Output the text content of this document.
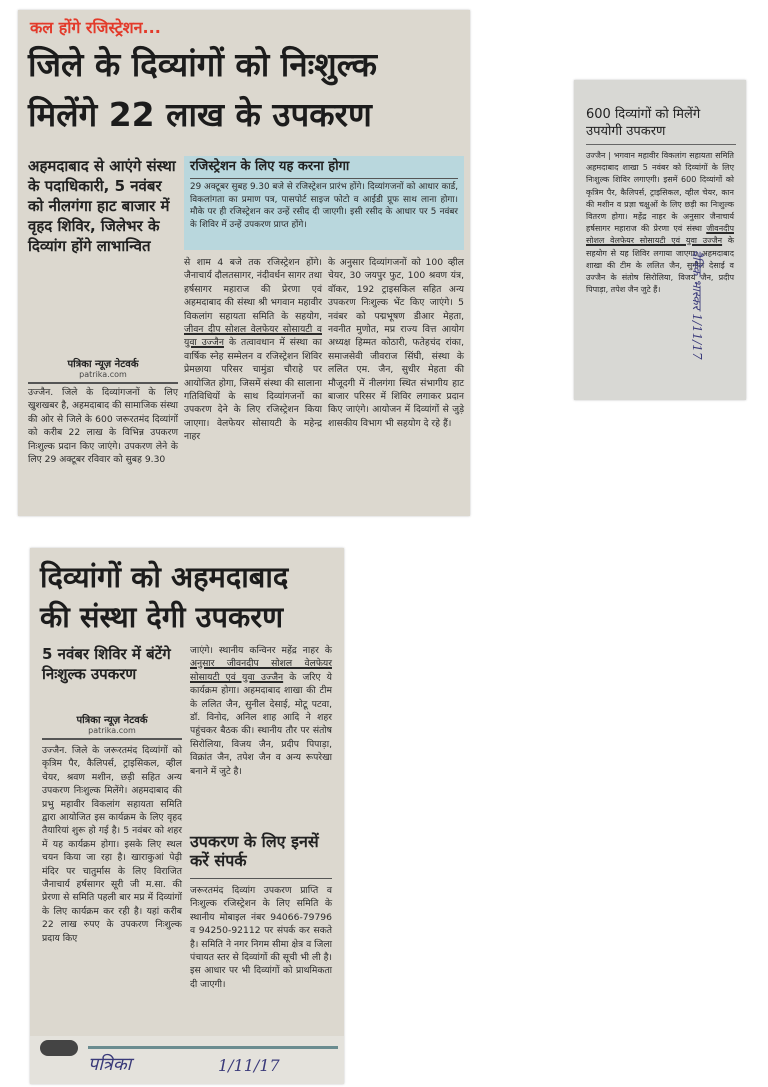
कल होंगे रजिस्ट्रेशन...
जिले के दिव्यांगों को निःशुल्क
मिलेंगे 22 लाख के उपकरण
अहमदाबाद से आएंगे संस्था के पदाधिकारी, 5 नवंबर को नीलगंगा हाट बाजार में वृहद शिविर, जिलेभर के दिव्यांग होंगे लाभान्वित
पत्रिका न्यूज़ नेटवर्क
patrika.com
उज्जैन. जिले के दिव्यांगजनों के लिए खुशखबर है, अहमदाबाद की सामाजिक संस्था की ओर से जिले के 600 जरूरतमंद दिव्यांगों को करीब 22 लाख के विभिन्न उपकरण निःशुल्क प्रदान किए जाएंगे। उपकरण लेने के लिए 29 अक्टूबर रविवार को सुबह 9.30
रजिस्ट्रेशन के लिए यह करना होगा
29 अक्टूबर सुबह 9.30 बजे से रजिस्ट्रेशन प्रारंभ होंगे। दिव्यांगजनों को आधार कार्ड, विकलांगता का प्रमाण पत्र, पासपोर्ट साइज फोटो व आईडी प्रूफ साथ लाना होगा। मौके पर ही रजिस्ट्रेशन कर उन्हें रसीद दी जाएगी। इसी रसीद के आधार पर 5 नवंबर के शिविर में उन्हें उपकरण प्राप्त होंगे।
से शाम 4 बजे तक रजिस्ट्रेशन होंगे। जैनाचार्य दौलतसागर, नंदीवर्धन सागर तथा हर्षसागर महाराज की प्रेरणा एवं अहमदाबाद की संस्था श्री भगवान महावीर विकलांग सहायता समिति के सहयोग, जीवन दीप सोशल वेलफेयर सोसायटी व युवा उज्जैन के तत्वावधान में संस्था का वार्षिक स्नेह सम्मेलन व रजिस्ट्रेशन शिविर प्रेमछाया परिसर चामुंडा चौराहे पर आयोजित होगा, जिसमें संस्था की सालाना गतिविधियों के साथ दिव्यांगजनों का उपकरण देने के लिए रजिस्ट्रेशन किया जाएगा। वेलफेयर सोसायटी के महेन्द्र नाहर
के अनुसार दिव्यांगजनों को 100 व्हील चेयर, 30 जयपुर फुट, 100 श्रवण यंत्र, वॉकर, 192 ट्राइसकिल सहित अन्य उपकरण निःशुल्क भेंट किए जाएंगे। 5 नवंबर को पद्मभूषण डीआर मेहता, नवनीत मुणोत, मप्र राज्य वित्त आयोग अध्यक्ष हिम्मत कोठारी, फतेहचंद रांका, समाजसेवी जीवराज सिंघी, संस्था के ललित एम. जैन, सुधीर मेहता की मौजूदगी में नीलगंगा स्थित संभागीय हाट बाजार परिसर में शिविर लगाकर प्रदान किए जाएंगे। आयोजन में दिव्यांगों से जुड़े शासकीय विभाग भी सहयोग दे रहे हैं।
600 दिव्यांगों को मिलेंगे उपयोगी उपकरण
उज्जैन | भगवान महावीर विकलांग सहायता समिति अहमदाबाद शाखा 5 नवंबर को दिव्यांगों के लिए निःशुल्क शिविर लगाएगी। इसमें 600 दिव्यांगों को कृत्रिम पैर, कैलिपर्स, ट्राइसिकल, व्हील चेयर, कान की मशीन व प्रज्ञा चक्षुओं के लिए छड़ी का निःशुल्क वितरण होगा। महेंद्र नाहर के अनुसार जैनाचार्य हर्षसागर महाराज की प्रेरणा एवं संस्था जीवनदीप सोशल वेलफेयर सोसायटी एवं युवा उज्जैन के सहयोग से यह शिविर लगाया जाएगा। अहमदाबाद शाखा की टीम के ललित जैन, सुनील देसाई व उज्जैन के संतोष सिरोलिया, विजय जैन, प्रदीप पिपाड़ा, तपेश जैन जुटे हैं।	दैनिक भास्कर 1/11/17
दिव्यांगों को अहमदाबाद
की संस्था देगी उपकरण
5 नवंबर शिविर में बंटेंगे निःशुल्क उपकरण
पत्रिका न्यूज़ नेटवर्क
patrika.com
उज्जैन. जिले के जरूरतमंद दिव्यांगों को कृत्रिम पैर, कैलिपर्स, ट्राइसिकल, व्हील चेयर, श्रवण मशीन, छड़ी सहित अन्य उपकरण निःशुल्क मिलेंगे। अहमदाबाद की प्रभु महावीर विकलांग सहायता समिति द्वारा आयोजित इस कार्यक्रम के लिए वृहद तैयारियां शुरू हो गई है। 5 नवंबर को शहर में यह कार्यक्रम होगा। इसके लिए स्थल चयन किया जा रहा है। खाराकुआं पेढ़ी मंदिर पर चातुर्मास के लिए विराजित जैनाचार्य हर्षसागर सूरी जी म.सा. की प्रेरणा से समिति पहली बार मप्र में दिव्यांगों के लिए कार्यक्रम कर रही है। यहां करीब 22 लाख रुपए के उपकरण निःशुल्क प्रदाय किए
जाएंगे। स्थानीय कन्विनर महेंद्र नाहर के अनुसार जीवनदीप सोशल वेलफेयर सोसायटी एवं युवा उज्जैन के जरिए ये कार्यक्रम होगा। अहमदाबाद शाखा की टीम के ललित जैन, सुनील देसाई, मोटू पटवा, डॉ. विनोद, अनिल शाह आदि ने शहर पहुंचकर बैठक की। स्थानीय तौर पर संतोष सिरोलिया, विजय जैन, प्रदीप पिपाड़ा, विक्रांत जैन, तपेश जैन व अन्य रूपरेखा बनाने में जुटे है।
उपकरण के लिए इनसें करें संपर्क
जरूरतमंद दिव्यांग उपकरण प्राप्ति व निःशुल्क रजिस्ट्रेशन के लिए समिति के स्थानीय मोबाइल नंबर 94066-79796 व 94250-92112 पर संपर्क कर सकते है। समिति ने नगर निगम सीमा क्षेत्र व जिला पंचायत स्तर से दिव्यांगों की सूची भी ली है। इस आधार पर भी दिव्यांगों को प्राथमिकता दी जाएगी।
पत्रिका	1/11/17
